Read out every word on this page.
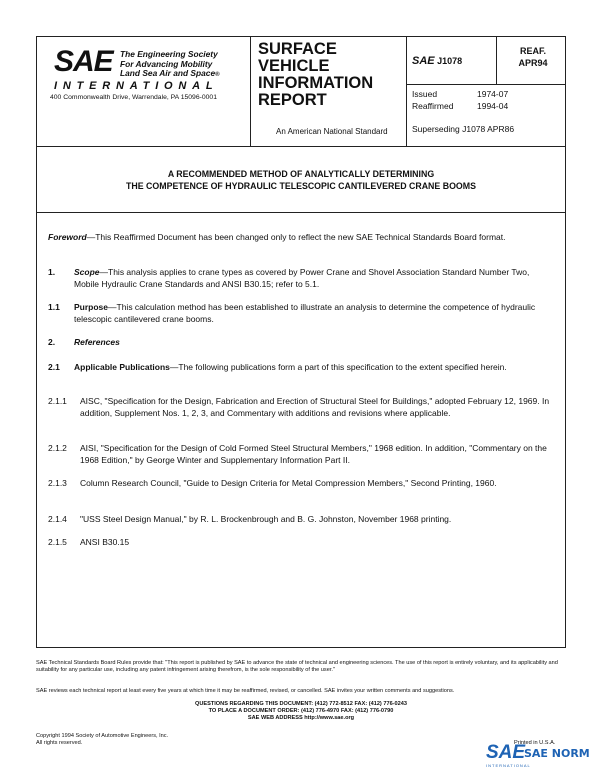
SAE The Engineering Society
For Advancing Mobility
Land Sea Air and Space®
INTERNATIONAL
400 Commonwealth Drive, Warrendale, PA 15096-0001
SURFACE
VEHICLE
INFORMATION
REPORT
An American National Standard
SAE J1078
REAF.
APR94
Issued	1974-07
Reaffirmed	1994-04
Superseding J1078 APR86
A RECOMMENDED METHOD OF ANALYTICALLY DETERMINING
THE COMPETENCE OF HYDRAULIC TELESCOPIC CANTILEVERED CRANE BOOMS
Foreword—This Reaffirmed Document has been changed only to reflect the new SAE Technical Standards Board format.
1. Scope—This analysis applies to crane types as covered by Power Crane and Shovel Association Standard Number Two, Mobile Hydraulic Crane Standards and ANSI B30.15; refer to 5.1.
1.1 Purpose—This calculation method has been established to illustrate an analysis to determine the competence of hydraulic telescopic cantilevered crane booms.
2. References
2.1 Applicable Publications—The following publications form a part of this specification to the extent specified herein.
2.1.1 AISC, "Specification for the Design, Fabrication and Erection of Structural Steel for Buildings," adopted February 12, 1969. In addition, Supplement Nos. 1, 2, 3, and Commentary with additions and revisions where applicable.
2.1.2 AISI, "Specification for the Design of Cold Formed Steel Structural Members," 1968 edition. In addition, "Commentary on the 1968 Edition," by George Winter and Supplementary Information Part II.
2.1.3 Column Research Council, "Guide to Design Criteria for Metal Compression Members," Second Printing, 1960.
2.1.4 "USS Steel Design Manual," by R. L. Brockenbrough and B. G. Johnston, November 1968 printing.
2.1.5 ANSI B30.15
SAE Technical Standards Board Rules provide that: "This report is published by SAE to advance the state of technical and engineering sciences. The use of this report is entirely voluntary, and its applicability and suitability for any particular use, including any patent infringement arising therefrom, is the sole responsibility of the user."
SAE reviews each technical report at least every five years at which time it may be reaffirmed, revised, or cancelled. SAE invites your written comments and suggestions.
QUESTIONS REGARDING THIS DOCUMENT: (412) 772-8512 FAX: (412) 776-0243
TO PLACE A DOCUMENT ORDER: (412) 776-4970 FAX: (412) 776-0790
SAE WEB ADDRESS http://www.sae.org
Copyright 1994 Society of Automotive Engineers, Inc.
All rights reserved.	Printed in U.S.A.
SAE
SAE NORM
INTERNATIONAL
